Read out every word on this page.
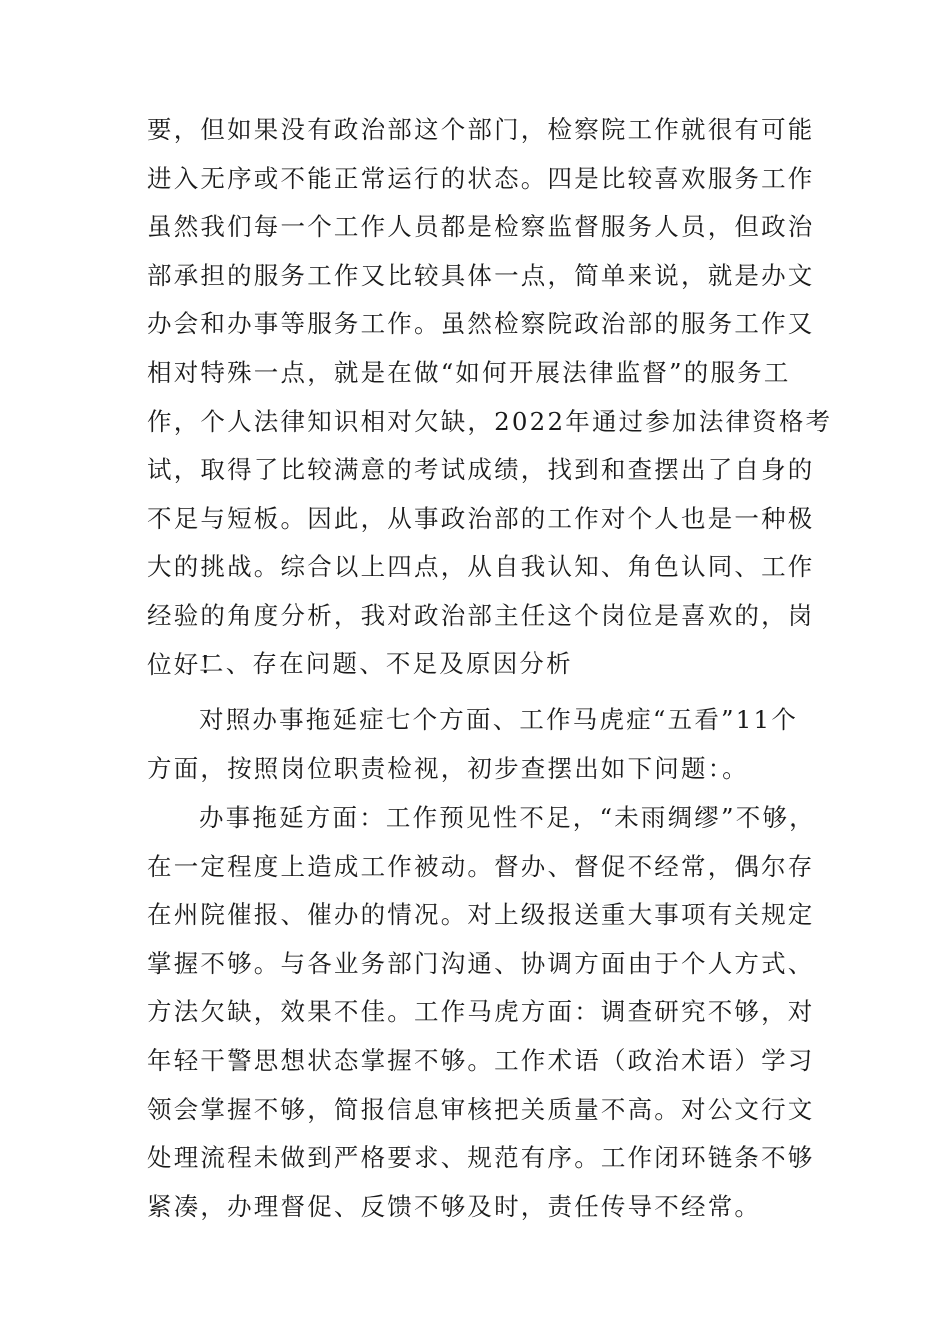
要，但如果没有政治部这个部门，检察院工作就很有可能
进入无序或不能正常运行的状态。四是比较喜欢服务工作
虽然我们每一个工作人员都是检察监督服务人员，但政治
部承担的服务工作又比较具体一点，简单来说，就是办文
办会和办事等服务工作。虽然检察院政治部的服务工作又
相对特殊一点，就是在做“如何开展法律监督”的服务工
作，个人法律知识相对欠缺，2022年通过参加法律资格考
试，取得了比较满意的考试成绩，找到和查摆出了自身的
不足与短板。因此，从事政治部的工作对个人也是一种极
大的挑战。综合以上四点，从自我认知、角色认同、工作
经验的角度分析，我对政治部主任这个岗位是喜欢的，岗
位好!
二、存在问题、不足及原因分析
对照办事拖延症七个方面、工作马虎症“五看”11个
方面，按照岗位职责检视，初步查摆出如下问题：。
办事拖延方面：工作预见性不足，“未雨绸缪”不够，
在一定程度上造成工作被动。督办、督促不经常，偶尔存
在州院催报、催办的情况。对上级报送重大事项有关规定
掌握不够。与各业务部门沟通、协调方面由于个人方式、
方法欠缺，效果不佳。工作马虎方面：调查研究不够，对
年轻干警思想状态掌握不够。工作术语（政治术语）学习
领会掌握不够，简报信息审核把关质量不高。对公文行文
处理流程未做到严格要求、规范有序。工作闭环链条不够
紧凑，办理督促、反馈不够及时，责任传导不经常。
